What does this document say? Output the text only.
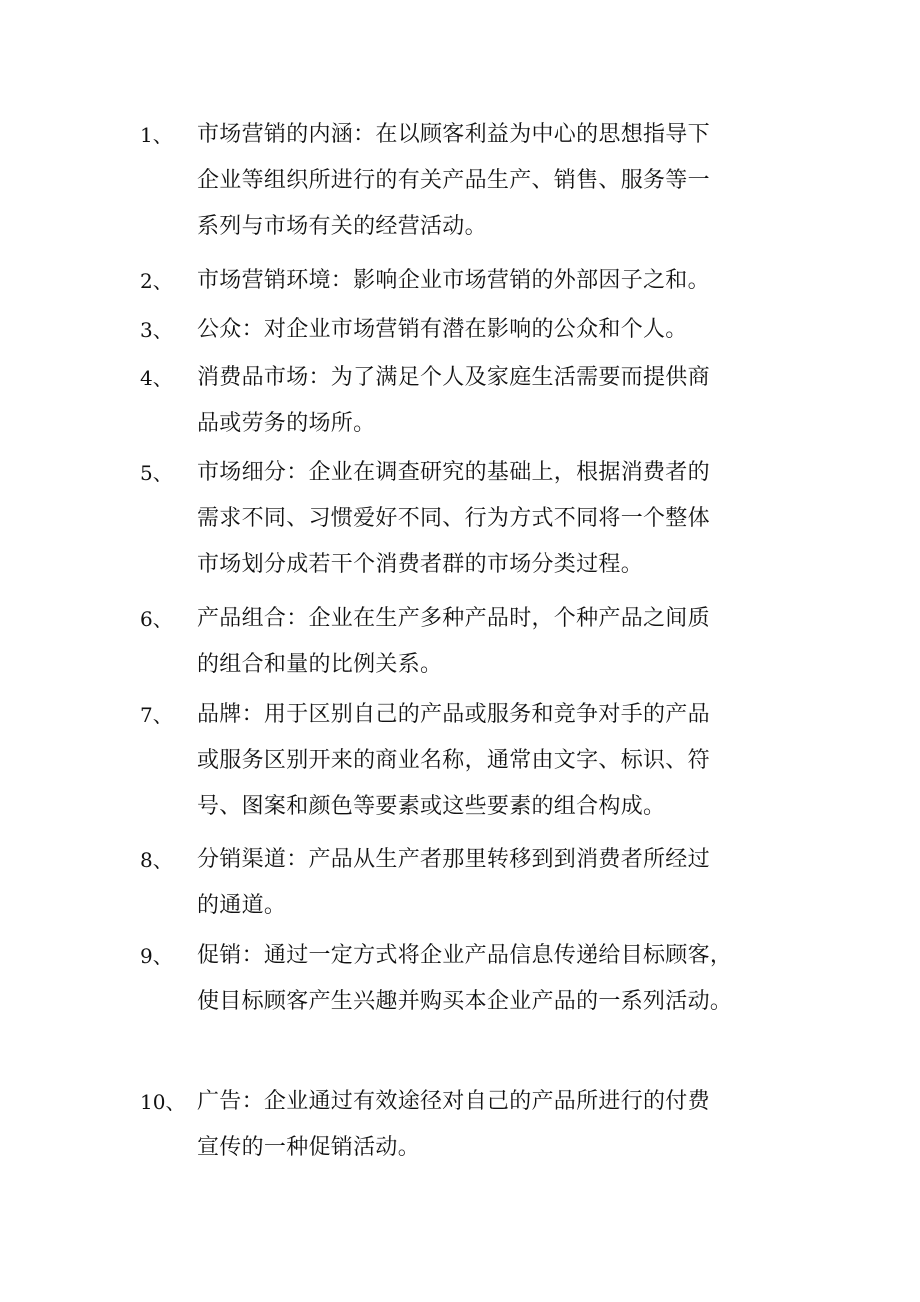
1、	市场营销的内涵：在以顾客利益为中心的思想指导下
企业等组织所进行的有关产品生产、销售、服务等一
系列与市场有关的经营活动。
2、	市场营销环境：影响企业市场营销的外部因子之和。
3、	公众：对企业市场营销有潜在影响的公众和个人。
4、	消费品市场：为了满足个人及家庭生活需要而提供商
品或劳务的场所。
5、	市场细分：企业在调查研究的基础上，根据消费者的
需求不同、习惯爱好不同、行为方式不同将一个整体
市场划分成若干个消费者群的市场分类过程。
6、	产品组合：企业在生产多种产品时，个种产品之间质
的组合和量的比例关系。
7、	品牌：用于区别自己的产品或服务和竞争对手的产品
或服务区别开来的商业名称，通常由文字、标识、符
号、图案和颜色等要素或这些要素的组合构成。
8、	分销渠道：产品从生产者那里转移到到消费者所经过
的通道。
9、	促销：通过一定方式将企业产品信息传递给目标顾客，
使目标顾客产生兴趣并购买本企业产品的一系列活动。
10、 广告：企业通过有效途径对自己的产品所进行的付费
宣传的一种促销活动。
